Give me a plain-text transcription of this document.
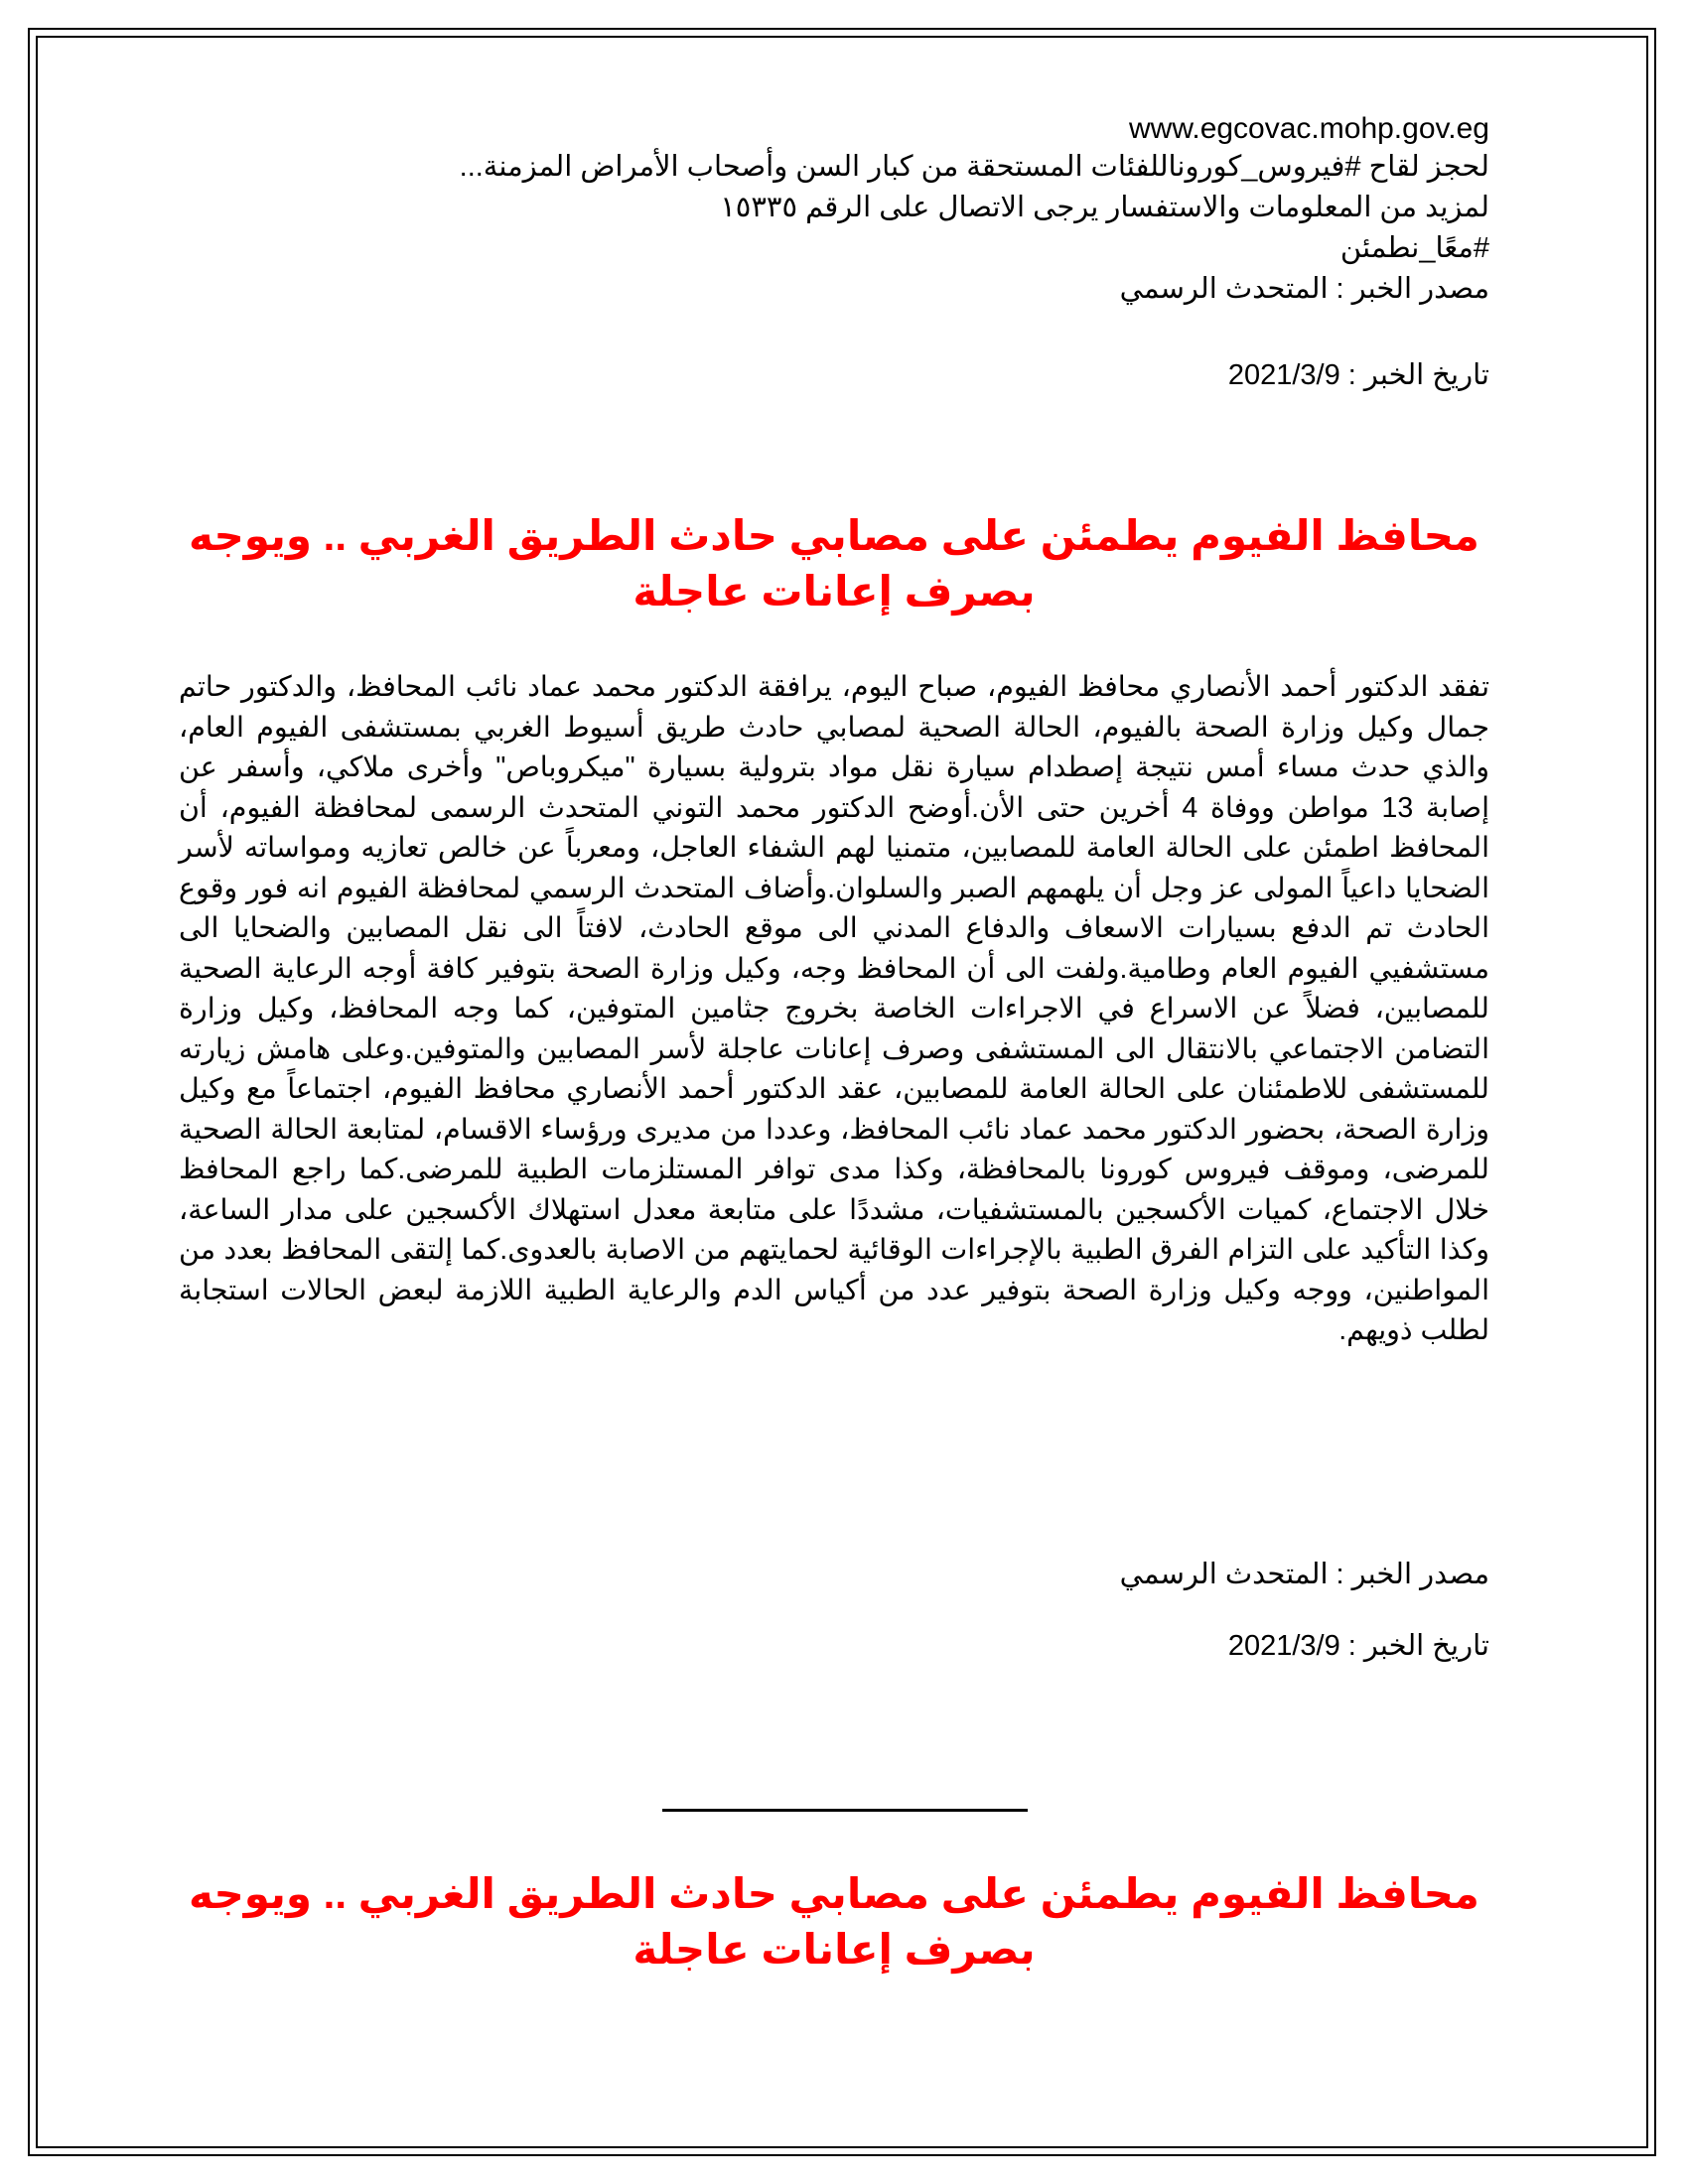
www.egcovac.mohp.gov.eg

لحجز لقاح #فيروس_كوروناللفئات المستحقة من كبار السن وأصحاب الأمراض المزمنة...

لمزيد من المعلومات والاستفسار يرجى الاتصال على الرقم ١٥٣٣٥

#معًا_نطمئن

مصدر الخبر : المتحدث الرسمي

تاريخ الخبر : 2021/3/9
محافظ الفيوم يطمئن على مصابي حادث الطريق الغربي .. ويوجه بصرف إعانات عاجلة

تفقد الدكتور أحمد الأنصاري محافظ الفيوم، صباح اليوم، يرافقة الدكتور محمد عماد نائب المحافظ، والدكتور حاتم جمال وكيل وزارة الصحة بالفيوم، الحالة الصحية لمصابي حادث طريق أسيوط الغربي بمستشفى الفيوم العام، والذي حدث مساء أمس نتيجة إصطدام سيارة نقل مواد بترولية بسيارة "ميكروباص" وأخرى ملاكي، وأسفر عن إصابة 13 مواطن ووفاة 4 أخرين حتى الأن.أوضح الدكتور محمد التوني المتحدث الرسمى لمحافظة الفيوم، أن المحافظ اطمئن على الحالة العامة للمصابين، متمنيا لهم الشفاء العاجل، ومعرباً عن خالص تعازيه ومواساته لأسر الضحايا داعياً المولى عز وجل أن يلهمهم الصبر والسلوان.وأضاف المتحدث الرسمي لمحافظة الفيوم انه فور وقوع الحادث تم الدفع بسيارات الاسعاف والدفاع المدني الى موقع الحادث، لافتاً الى نقل المصابين والضحايا الى مستشفيي الفيوم العام وطامية.ولفت الى أن المحافظ وجه، وكيل وزارة الصحة بتوفير كافة أوجه الرعاية الصحية للمصابين، فضلاً عن الاسراع في الاجراءات الخاصة بخروج جثامين المتوفين، كما وجه المحافظ، وكيل وزارة التضامن الاجتماعي بالانتقال الى المستشفى وصرف إعانات عاجلة لأسر المصابين والمتوفين.وعلى هامش زيارته للمستشفى للاطمئنان على الحالة العامة للمصابين، عقد الدكتور أحمد الأنصاري محافظ الفيوم، اجتماعاً مع وكيل وزارة الصحة، بحضور الدكتور محمد عماد نائب المحافظ، وعددا من مديرى ورؤساء الاقسام، لمتابعة الحالة الصحية للمرضى، وموقف فيروس كورونا بالمحافظة، وكذا مدى توافر المستلزمات الطبية للمرضى.كما راجع المحافظ خلال الاجتماع، كميات الأكسجين بالمستشفيات، مشددًا على متابعة معدل استهلاك الأكسجين على مدار الساعة، وكذا التأكيد على التزام الفرق الطبية بالإجراءات الوقائية لحمايتهم من الاصابة بالعدوى.كما إلتقى المحافظ بعدد من المواطنين، ووجه وكيل وزارة الصحة بتوفير عدد من أكياس الدم والرعاية الطبية اللازمة لبعض الحالات استجابة لطلب ذويهم.

مصدر الخبر : المتحدث الرسمي
تاريخ الخبر : 2021/3/9
محافظ الفيوم يطمئن على مصابي حادث الطريق الغربي .. ويوجه بصرف إعانات عاجلة
